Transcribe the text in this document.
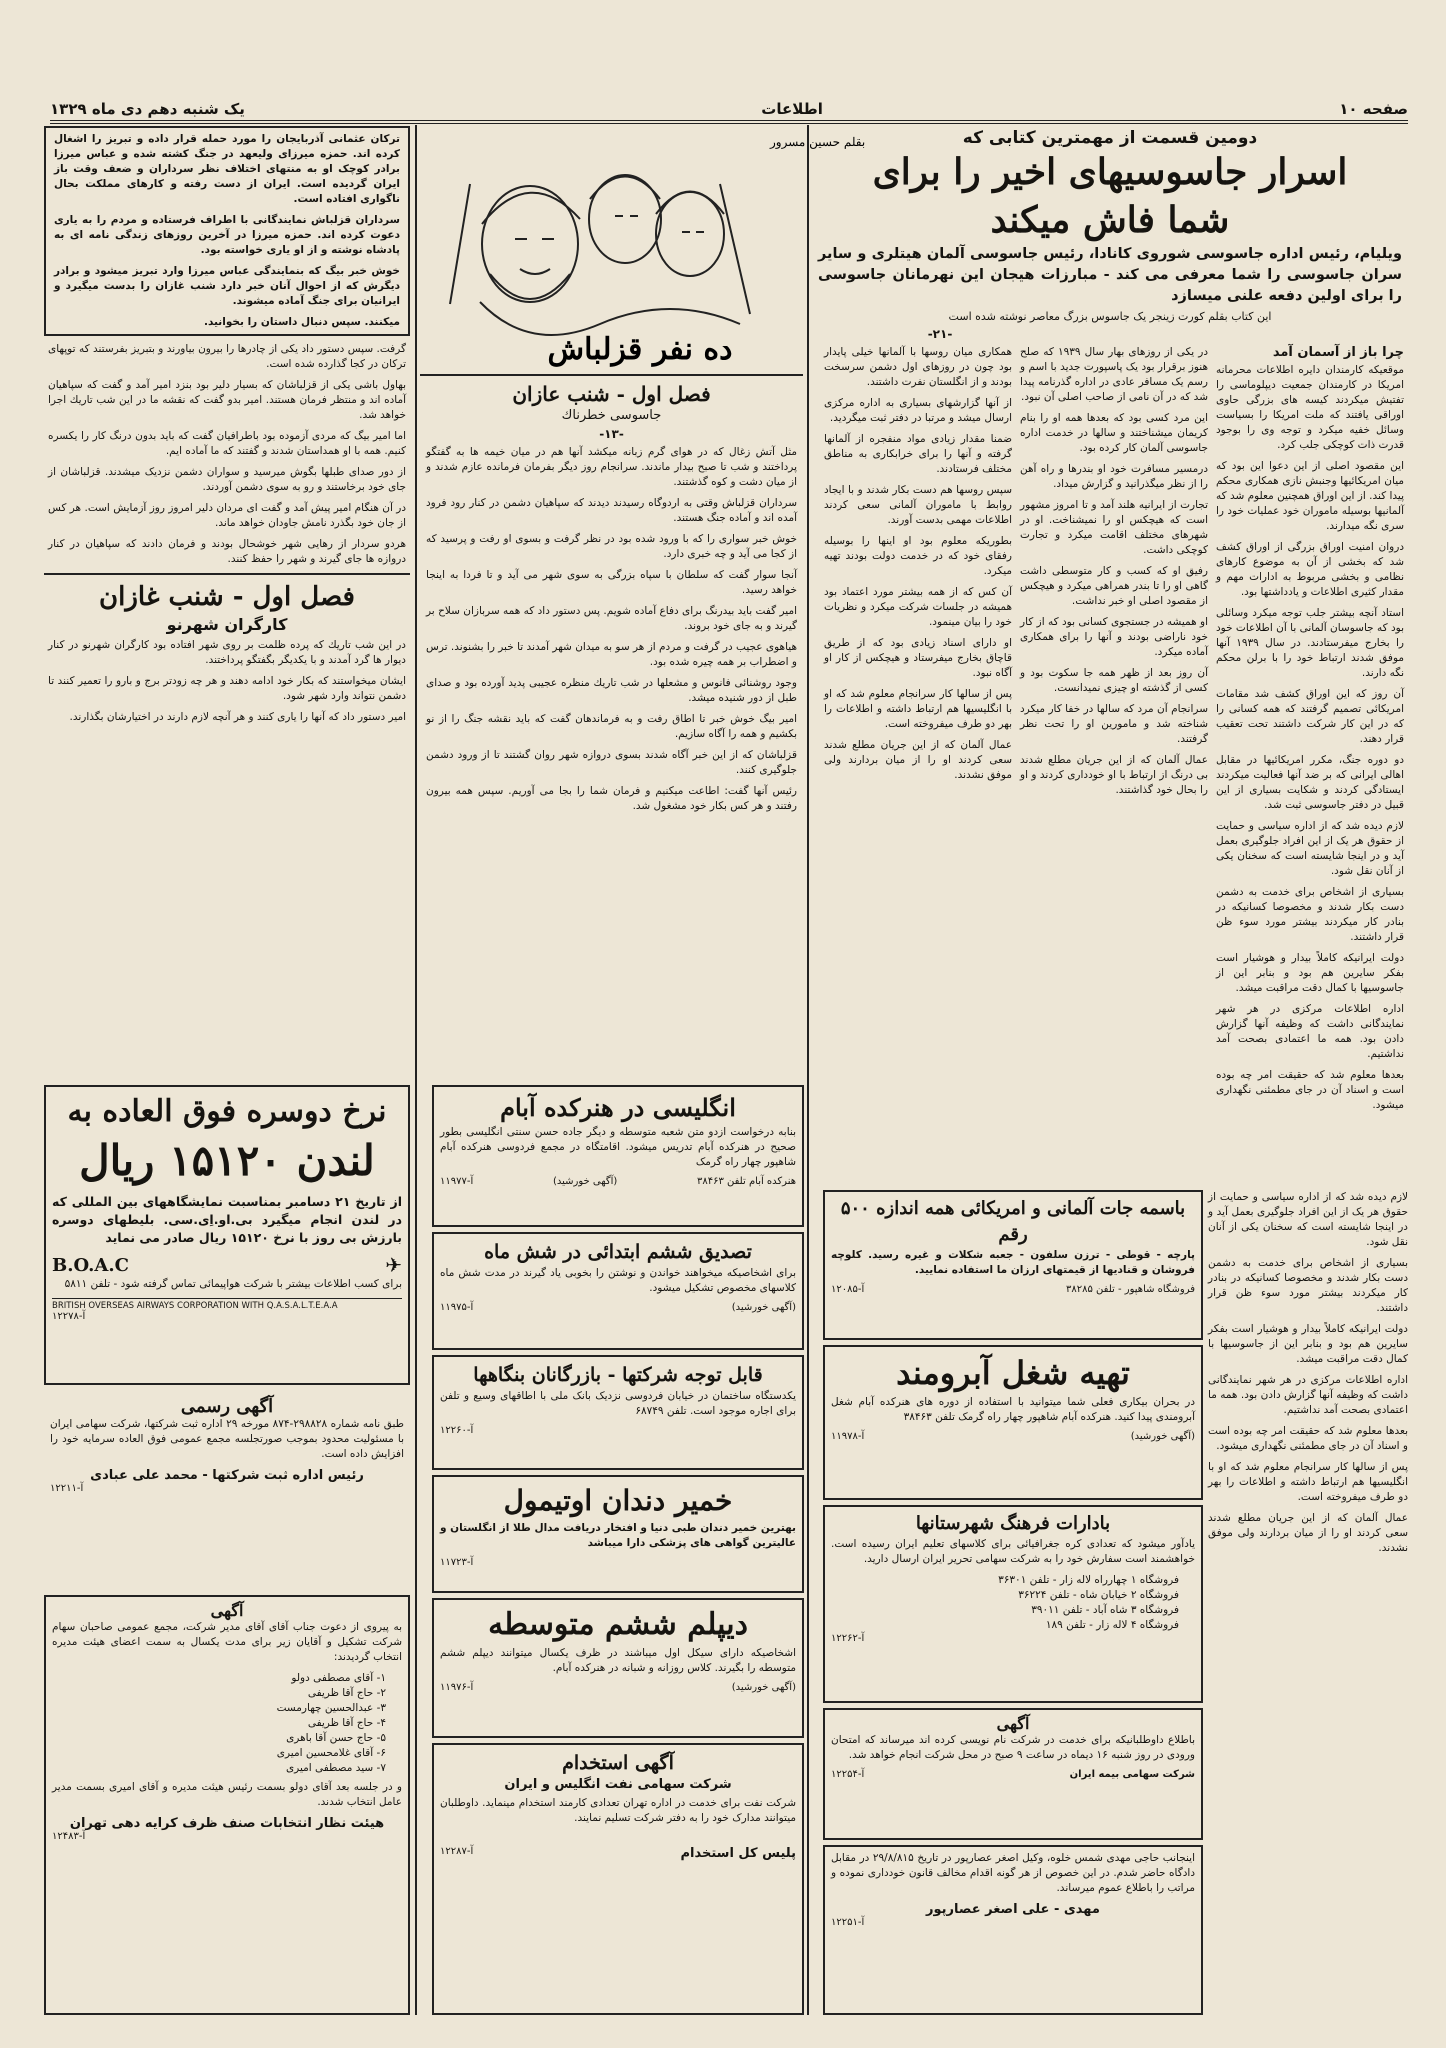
صفحه ۱۰
اطلاعات
یک شنبه دهم دی ماه ۱۳۲۹
دومین قسمت از مهمترین کتابی که
اسرار جاسوسیهای اخیر را برای
شما فاش میکند
ویلیام، رئیس اداره جاسوسی شوروی کانادا، رئیس جاسوسی آلمان هیتلری و سایر سران جاسوسی را شما معرفی می کند - مبارزات هیجان این نهرمانان جاسوسی را برای اولین دفعه علنی میسازد
این کتاب بقلم کورت زینجر یک جاسوس بزرگ معاصر نوشته شده است
-۲۱-
چرا باز از آسمان آمد

موقعیکه کارمندان دایره اطلاعات محرمانه امریکا در کارمندان جمعیت دیپلوماسی را تفتیش میکردند کیسه های بزرگی حاوی اوراقی یافتند که ملت امریکا را بسیاست وسائل خفیه میکرد و توجه وی را بوجود قدرت ذات کوچکی جلب کرد.

این مقصود اصلی از این دعوا این بود که میان امریکائیها وجنبش نازی همکاری محکم پیدا کند. از این اوراق همچنین معلوم شد که آلمانیها بوسیله ماموران خود عملیات خود را سری نگه میدارند.

دروان امنیت اوراق بزرگی از اوراق کشف شد که بخشی از آن به موضوع کارهای نظامی و بخشی مربوط به ادارات مهم و مقدار کثیری اطلاعات و یادداشتها بود.

استاد آنچه بیشتر جلب توجه میکرد وسائلی بود که جاسوسان آلمانی با آن اطلاعات خود را بخارج میفرستادند. در سال ۱۹۳۹ آنها موفق شدند ارتباط خود را با برلن محکم نگه دارند.

آن روز که این اوراق کشف شد مقامات امریکائی تصمیم گرفتند که همه کسانی را که در این کار شرکت داشتند تحت تعقیب قرار دهند.

دو دوره جنگ، مکرر امریکائیها در مقابل اهالی ایرانی که بر ضد آنها فعالیت میکردند ایستادگی کردند و شکایت بسیاری از این قبیل در دفتر جاسوسی ثبت شد.

لازم دیده شد که از اداره سیاسی و حمایت از حقوق هر یک از این افراد جلوگیری بعمل آید و در اینجا شایسته است که سخنان یکی از آنان نقل شود.

بسیاری از اشخاص برای خدمت به دشمن دست بکار شدند و مخصوصا کسانیکه در بنادر کار میکردند بیشتر مورد سوء ظن قرار داشتند.

دولت ایرانیکه کاملاً بیدار و هوشیار است بفکر سایرین هم بود و بنابر این از جاسوسیها با کمال دقت مراقبت میشد.

اداره اطلاعات مرکزی در هر شهر نمایندگانی داشت که وظیفه آنها گزارش دادن بود. همه ما اعتمادی بصحت آمد نداشتیم.

بعدها معلوم شد که حقیقت امر چه بوده است و اسناد آن در جای مطمئنی نگهداری میشود.

در یکی از روزهای بهار سال ۱۹۳۹ که صلح هنوز برقرار بود یک پاسپورت جدید با اسم و رسم یک مسافر عادی در اداره گذرنامه پیدا شد که در آن نامی از صاحب اصلی آن نبود.

این مرد کسی بود که بعدها همه او را بنام کریمان میشناختند و سالها در خدمت اداره جاسوسی آلمان کار کرده بود.

درمسیر مسافرت خود او بندرها و راه آهن را از نظر میگذرانید و گزارش میداد.

تجارت از ایرانیه هلند آمد و تا امروز مشهور است که هیچکس او را نمیشناخت. او در شهرهای مختلف اقامت میکرد و تجارت کوچکی داشت.

رفیق او که کسب و کار متوسطی داشت گاهی او را تا بندر همراهی میکرد و هیچکس از مقصود اصلی او خبر نداشت.

او همیشه در جستجوی کسانی بود که از کار خود ناراضی بودند و آنها را برای همکاری آماده میکرد.

آن روز بعد از ظهر همه جا سکوت بود و کسی از گذشته او چیزی نمیدانست.

سرانجام آن مرد که سالها در خفا کار میکرد شناخته شد و مامورین او را تحت نظر گرفتند.

عمال آلمان که از این جریان مطلع شدند بی درنگ از ارتباط با او خودداری کردند و او را بحال خود گذاشتند.

همکاری میان روسها با آلمانها خیلی پایدار بود چون در روزهای اول دشمن سرسخت بودند و از انگلستان نفرت داشتند.

از آنها گزارشهای بسیاری به اداره مرکزی ارسال میشد و مرتبا در دفتر ثبت میگردید.

ضمنا مقدار زیادی مواد منفجره از آلمانها گرفته و آنها را برای خرابکاری به مناطق مختلف فرستادند.

سپس روسها هم دست بکار شدند و با ایجاد روابط با ماموران آلمانی سعی کردند اطلاعات مهمی بدست آورند.

بطوریکه معلوم بود او اینها را بوسیله رفقای خود که در خدمت دولت بودند تهیه میکرد.

آن کس که از همه بیشتر مورد اعتماد بود همیشه در جلسات شرکت میکرد و نظریات خود را بیان مینمود.

او دارای اسناد زیادی بود که از طریق قاچاق بخارج میفرستاد و هیچکس از کار او آگاه نبود.

پس از سالها کار سرانجام معلوم شد که او با انگلیسیها هم ارتباط داشته و اطلاعات را بهر دو طرف میفروخته است.

عمال آلمان که از این جریان مطلع شدند سعی کردند او را از میان بردارند ولی موفق نشدند.

بقلم حسین مسرور
ده نفر قزلباش
فصل اول - شنب عازان
جاسوسی خطرناك
-۱۳-

مثل آتش زغال که در هوای گرم زبانه میکشد آنها هم در میان خیمه ها به گفتگو پرداختند و شب تا صبح بیدار ماندند. سرانجام روز دیگر بفرمان فرمانده عازم شدند و از میان دشت و کوه گذشتند.

سرداران قزلباش وقتی به اردوگاه رسیدند دیدند که سپاهیان دشمن در کنار رود فرود آمده اند و آماده جنگ هستند.

خوش خبر سواری را که با ورود شده بود در نظر گرفت و بسوی او رفت و پرسید که از کجا می آید و چه خبری دارد.

آنجا سوار گفت که سلطان با سپاه بزرگی به سوی شهر می آید و تا فردا به اینجا خواهد رسید.

امیر گفت باید بیدرنگ برای دفاع آماده شویم. پس دستور داد که همه سربازان سلاح بر گیرند و به جای خود بروند.

هیاهوی عجیب در گرفت و مردم از هر سو به میدان شهر آمدند تا خبر را بشنوند. ترس و اضطراب بر همه چیره شده بود.

وجود روشنائی فانوس و مشعلها در شب تاریك منظره عجیبی پدید آورده بود و صدای طبل از دور شنیده میشد.

امیر بیگ خوش خبر تا اطاق رفت و به فرماندهان گفت که باید نقشه جنگ را از نو بکشیم و همه را آگاه سازیم.

قزلباشان که از این خبر آگاه شدند بسوی دروازه شهر روان گشتند تا از ورود دشمن جلوگیری کنند.

رئیس آنها گفت: اطاعت میکنیم و فرمان شما را بجا می آوریم. سپس همه بیرون رفتند و هر کس بکار خود مشغول شد.

ترکان عثمانی آذربایجان را مورد حمله قرار داده و تبریز را اشغال کرده اند. حمزه میرزای ولیعهد در جنگ کشته شده و عباس میرزا برادر کوچک او به منتهای اختلاف نظر سرداران و ضعف وقت باز ایران گردیده است. ایران از دست رفته و کارهای مملکت بحال ناگواری افتاده است.

سرداران قزلباش نمایندگانی با اطراف فرستاده و مردم را به یاری دعوت کرده اند. حمزه میرزا در آخرین روزهای زندگی نامه ای به پادشاه نوشته و از او یاری خواسته بود.

خوش خبر بیگ که بنمایندگی عباس میرزا وارد تبریز میشود و برادر دیگرش که از احوال آنان خبر دارد شنب غازان را بدست میگیرد و ایرانیان برای جنگ آماده میشوند.

میکنند. سپس دنبال داستان را بخوانید.

گرفت. سپس دستور داد یکی از چادرها را بیرون بیاورند و بتبریز بفرستند که توپهای ترکان در کجا گذارده شده است.

بهاول باشی یکی از قزلباشان که بسیار دلیر بود بنزد امیر آمد و گفت که سپاهیان آماده اند و منتظر فرمان هستند. امیر بدو گفت که نقشه ما در این شب تاریك اجرا خواهد شد.

اما امیر بیگ که مردی آزموده بود باطرافیان گفت که باید بدون درنگ کار را یکسره کنیم. همه با او همداستان شدند و گفتند که ما آماده ایم.

از دور صدای طبلها بگوش میرسید و سواران دشمن نزدیک میشدند. قزلباشان از جای خود برخاستند و رو به سوی دشمن آوردند.

در آن هنگام امیر پیش آمد و گفت ای مردان دلیر امروز روز آزمایش است. هر کس از جان خود بگذرد نامش جاودان خواهد ماند.

هردو سردار از رهایی شهر خوشحال بودند و فرمان دادند که سپاهیان در کنار دروازه ها جای گیرند و شهر را حفظ کنند.

فصل اول - شنب غازان
کارگران شهرنو

در این شب تاریك که پرده ظلمت بر روی شهر افتاده بود کارگران شهرنو در کنار دیوار ها گرد آمدند و با یکدیگر بگفتگو پرداختند.

ایشان میخواستند که بکار خود ادامه دهند و هر چه زودتر برج و بارو را تعمیر کنند تا دشمن نتواند وارد شهر شود.

امیر دستور داد که آنها را یاری کنند و هر آنچه لازم دارند در اختیارشان بگذارند.

نرخ دوسره فوق العاده به
لندن ۱۵۱۲۰ ریال

از تاریخ ۲۱ دسامبر بمناسبت نمایشگاههای بین المللی که در لندن انجام میگیرد بی.او.اِی.سی. بلیطهای دوسره بارزش بی روز با نرخ ۱۵۱۲۰ ریال صادر می نماید

✈
B.O.A.C

برای کسب اطلاعات بیشتر با شرکت هواپیمائی تماس گرفته شود - تلفن ۵۸۱۱

BRITISH OVERSEAS AIRWAYS CORPORATION WITH Q.A.S.A.L.T.E.A.A
آ-۱۲۲۷۸
آگهی رسمی

طبق نامه شماره ۲۹۸۸۲۸-۸۷۴ مورخه ۲۹ اداره ثبت شرکتها، شرکت سهامی ایران با مسئولیت محدود بموجب صورتجلسه مجمع عمومی فوق العاده سرمایه خود را افزایش داده است.

رئیس اداره ثبت شرکتها - محمد علی عبادی
آ-۱۲۲۱۱
آگهی

به پیروی از دعوت جناب آقای آقای مدیر شرکت، مجمع عمومی صاحبان سهام شرکت تشکیل و آقایان زیر برای مدت یکسال به سمت اعضای هیئت مدیره انتخاب گردیدند:

۱- آقای مصطفی دولو
۲- حاج آقا ظریفی
۳- عبدالحسین چهارمست
۴- حاج آقا ظریفی
۵- حاج حسن آقا باهری
۶- آقای غلامحسین امیری
۷- سید مصطفی امیری

و در جلسه بعد آقای دولو بسمت رئیس هیئت مدیره و آقای امیری بسمت مدیر عامل انتخاب شدند.

هیئت نظار انتخابات صنف ظرف کرایه دهی تهران
آ-۱۲۴۸۳
انگلیسی در هنرکده آبام

بنابه درخواست ازدو متن شعبه متوسطه و دیگر جاده حسن سنتی انگلیسی بطور صحیح در هنرکده آبام تدریس میشود. اقامتگاه در مجمع فردوسی هنرکده آبام شاهپور چهار راه گرمک

هنرکده آبام تلفن ۳۸۴۶۳
(آگهی خورشید)
آ-۱۱۹۷۷
تصدیق ششم ابتدائی در شش ماه

برای اشخاصیکه میخواهند خواندن و نوشتن را بخوبی یاد گیرند در مدت شش ماه کلاسهای مخصوص تشکیل میشود.

(آگهی خورشید)
آ-۱۱۹۷۵
قابل توجه شرکتها - بازرگانان بنگاهها

یکدستگاه ساختمان در خیابان فردوسی نزدیک بانک ملی با اطاقهای وسیع و تلفن برای اجاره موجود است. تلفن ۶۸۷۴۹

آ-۱۲۲۶۰
خمیر دندان اوتیمول

بهترین خمیر دندان طبی دنیا و افتخار دریافت مدال طلا از انگلستان و عالیترین گواهی های پزشکی دارا میباشد

آ-۱۱۷۲۳
دیپلم ششم متوسطه

اشخاصیکه دارای سیکل اول میباشند در ظرف یکسال میتوانند دیپلم ششم متوسطه را بگیرند. کلاس روزانه و شبانه در هنرکده آبام.

(آگهی خورشید)
آ-۱۱۹۷۶
آگهی استخدام
شرکت سهامی نفت انگلیس و ایران

شرکت نفت برای خدمت در اداره تهران تعدادی کارمند استخدام مینماید. داوطلبان میتوانند مدارک خود را به دفتر شرکت تسلیم نمایند.

پلیس کل استخدام
آ-۱۲۲۸۷
باسمه جات آلمانی و امریکائی همه اندازه ۵۰۰ رقم

پارچه - قوطی - ترزن سلفون - جعبه شکلات و غیره رسید. کلوچه فروشان و قنادیها از قیمتهای ارزان ما استفاده نمایید.

فروشگاه شاهپور - تلفن ۳۸۲۸۵
آ-۱۲۰۸۵
تهیه شغل آبرومند

در بحران بیکاری فعلی شما میتوانید با استفاده از دوره های هنرکده آبام شغل آبرومندی پیدا کنید. هنرکده آبام شاهپور چهار راه گرمک تلفن ۳۸۴۶۳

(آگهی خورشید)
آ-۱۱۹۷۸
بادارات فرهنگ شهرستانها

یادآور میشود که تعدادی کره جغرافیائی برای کلاسهای تعلیم ایران رسیده است. خواهشمند است سفارش خود را به شرکت سهامی تحریر ایران ارسال دارید.

فروشگاه ۱ چهارراه لاله زار - تلفن ۳۶۳۰۱
فروشگاه ۲ خیابان شاه - تلفن ۳۶۲۲۴
فروشگاه ۳ شاه آباد - تلفن ۳۹۰۱۱
فروشگاه ۴ لاله زار - تلفن ۱۸۹
آ-۱۲۲۶۲
آگهی

باطلاع داوطلبانیکه برای خدمت در شرکت نام نویسی کرده اند میرساند که امتحان ورودی در روز شنبه ۱۶ دیماه در ساعت ۹ صبح در محل شرکت انجام خواهد شد.

شرکت سهامی بیمه ایران
آ-۱۲۲۵۴

اینجانب حاجی مهدی شمس خلوه، وکیل اصغر عصارپور در تاریخ ۲۹/۸/۸۱۵ در مقابل دادگاه حاضر شدم. در این خصوص از هر گونه اقدام مخالف قانون خودداری نموده و مراتب را باطلاع عموم میرساند.

مهدی - علی اصغر عصارپور
آ-۱۲۲۵۱

لازم دیده شد که از اداره سیاسی و حمایت از حقوق هر یک از این افراد جلوگیری بعمل آید و در اینجا شایسته است که سخنان یکی از آنان نقل شود.

بسیاری از اشخاص برای خدمت به دشمن دست بکار شدند و مخصوصا کسانیکه در بنادر کار میکردند بیشتر مورد سوء ظن قرار داشتند.

دولت ایرانیکه کاملاً بیدار و هوشیار است بفکر سایرین هم بود و بنابر این از جاسوسیها با کمال دقت مراقبت میشد.

اداره اطلاعات مرکزی در هر شهر نمایندگانی داشت که وظیفه آنها گزارش دادن بود. همه ما اعتمادی بصحت آمد نداشتیم.

بعدها معلوم شد که حقیقت امر چه بوده است و اسناد آن در جای مطمئنی نگهداری میشود.

پس از سالها کار سرانجام معلوم شد که او با انگلیسیها هم ارتباط داشته و اطلاعات را بهر دو طرف میفروخته است.

عمال آلمان که از این جریان مطلع شدند سعی کردند او را از میان بردارند ولی موفق نشدند.
